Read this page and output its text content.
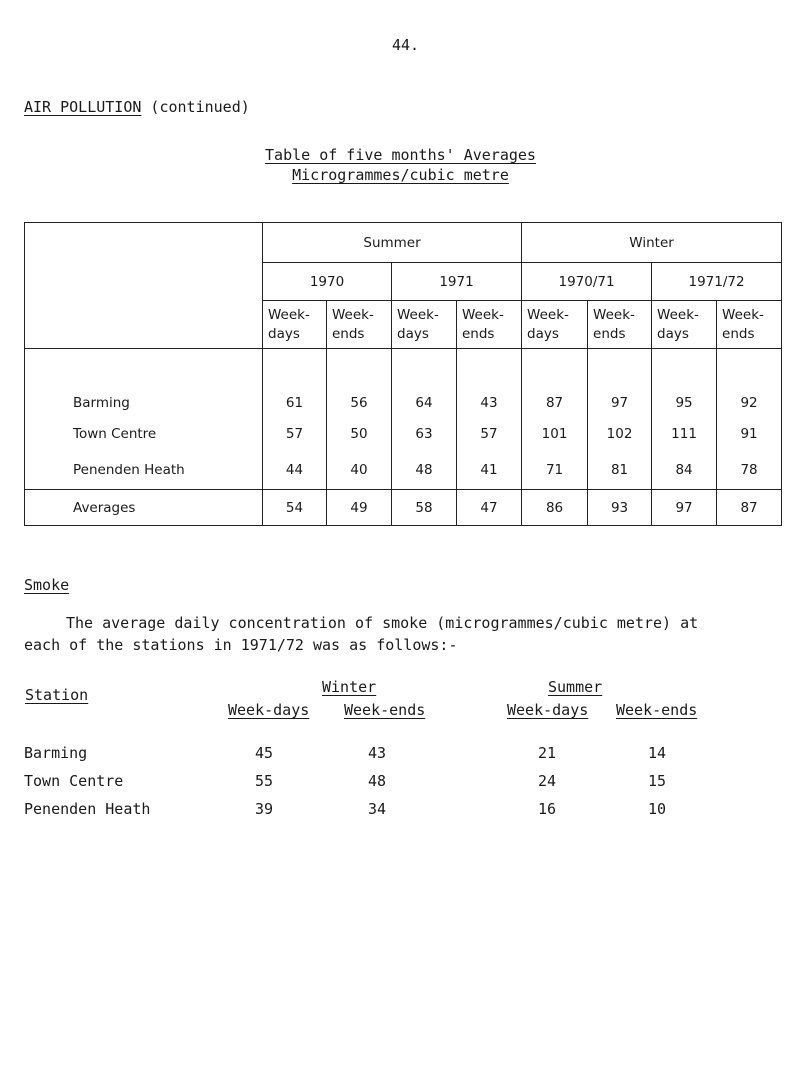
44.
AIR POLLUTION (continued)
Table of five months' Averages
Microgrammes/cubic metre
	Summer				Winter			
	1970		1971		1970/71		1971/72	
	Week-days	Week-ends	Week-days	Week-ends	Week-days	Week-ends	Week-days	Week-ends
Barming	61	56	64	43	87	97	95	92
Town Centre	57	50	63	57	101	102	111	91
Penenden Heath	44	40	48	41	71	81	84	78
Averages	54	49	58	47	86	93	97	87
Smoke
The average daily concentration of smoke (microgrammes/cubic metre) at
each of the stations in 1971/72 was as follows:-
Station	Winter	Summer
Week-days Week-ends	Week-days Week-ends
Barming	45	43	21	14
Town Centre	55	48	24	15
Penenden Heath	39	34	16	10
